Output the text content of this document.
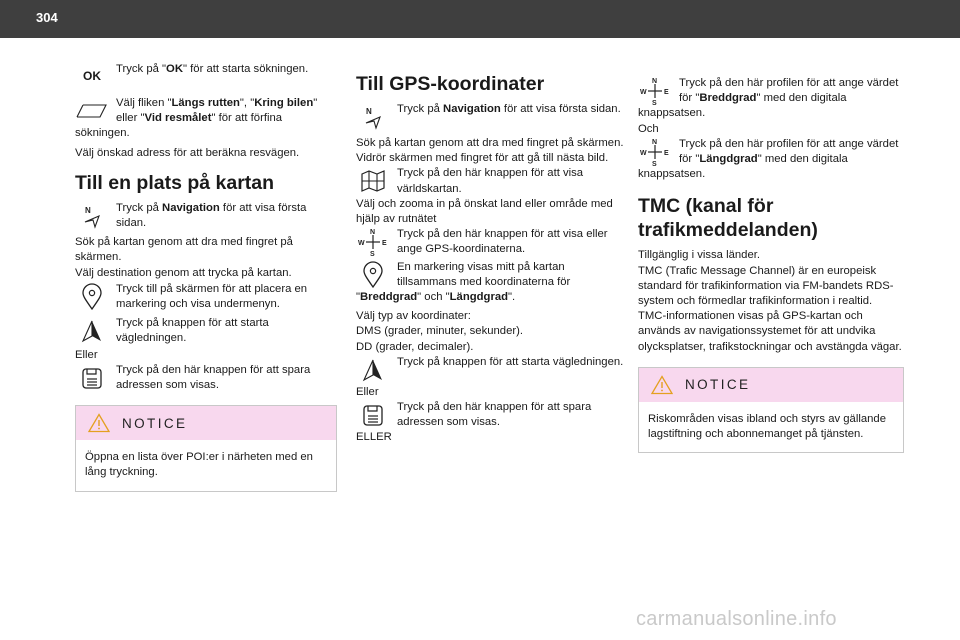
304
OK

Tryck på "OK" för att starta sökningen.

Välj fliken "Längs rutten", "Kring bilen" eller "Vid resmålet" för att förfina sökningen.

Välj önskad adress för att beräkna resvägen.

Till en plats på kartan
N	Tryck på Navigation för att visa första sidan.

Sök på kartan genom att dra med fingret på skärmen.

Välj destination genom att trycka på kartan.

Tryck till på skärmen för att placera en markering och visa undermenyn.

Tryck på knappen för att starta vägledningen.

Eller

Tryck på den här knappen för att spara adressen som visas.

NOTICE
Öppna en lista över POI:er i närheten med en lång tryckning.
Till GPS-koordinater
N	Tryck på Navigation för att visa första sidan.

Sök på kartan genom att dra med fingret på skärmen.

Vidrör skärmen med fingret för att gå till nästa bild.

Tryck på den här knappen för att visa världskartan.

Välj och zooma in på önskat land eller område med hjälp av rutnätet

N
S
W E

Tryck på den här knappen för att visa eller ange GPS-koordinaterna.

En markering visas mitt på kartan tillsammans med koordinaterna för "Breddgrad" och "Längdgrad".

Välj typ av koordinater:

DMS (grader, minuter, sekunder).

DD (grader, decimaler).

Tryck på knappen för att starta vägledningen.

Eller

Tryck på den här knappen för att spara adressen som visas.

ELLER

N
S
W E

Tryck på den här profilen för att ange värdet för "Breddgrad" med den digitala knappsatsen.

Och

N
S
W E

Tryck på den här profilen för att ange värdet för "Längdgrad" med den digitala knappsatsen.

TMC (kanal för trafikmeddelanden)

Tillgänglig i vissa länder.

TMC (Trafic Message Channel) är en europeisk standard för trafikinformation via FM-bandets RDS-system och förmedlar trafikinformation i realtid.

TMC-informationen visas på GPS-kartan och används av navigationssystemet för att undvika olycksplatser, trafikstockningar och avstängda vägar.

NOTICE
Riskområden visas ibland och styrs av gällande lagstiftning och abonnemanget på tjänsten.
carmanualsonline.info
